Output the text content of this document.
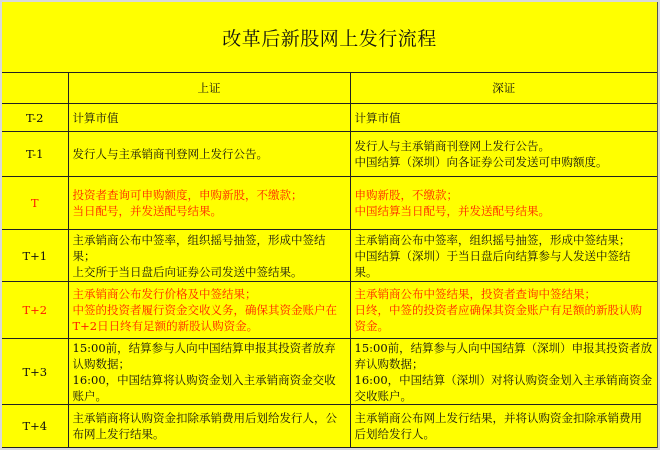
改革后新股网上发行流程
	上证	深证
T-2	计算市值	计算市值

T-1	发行人与主承销商刊登网上发行公告。	发行人与主承销商刊登网上发行公告。
中国结算（深圳）向各证券公司发送可申购额度。

T	投资者查询可申购额度，申购新股，不缴款；
当日配号，并发送配号结果。	申购新股，不缴款；
中国结算当日配号，并发送配号结果。

T+1	主承销商公布中签率，组织摇号抽签，形成中签结果；
上交所于当日盘后向证券公司发送中签结果。	主承销商公布中签率，组织摇号抽签，形成中签结果；
中国结算（深圳）于当日盘后向结算参与人发送中签结果。

T+2	主承销商公布发行价格及中签结果；
中签的投资者履行资金交收义务，确保其资金账户在T+2日日终有足额的新股认购资金。	主承销商公布中签结果，投资者查询中签结果；
日终，中签的投资者应确保其资金账户有足额的新股认购资金。

T+3	15:00前，结算参与人向中国结算申报其投资者放弃认购数据；
16:00，中国结算将认购资金划入主承销商资金交收账户。	15:00前，结算参与人向中国结算（深圳）申报其投资者放弃认购数据；
16:00，中国结算（深圳）对将认购资金划入主承销商资金交收账户。

T+4	主承销商将认购资金扣除承销费用后划给发行人，公布网上发行结果。	主承销商公布网上发行结果，并将认购资金扣除承销费用后划给发行人。
